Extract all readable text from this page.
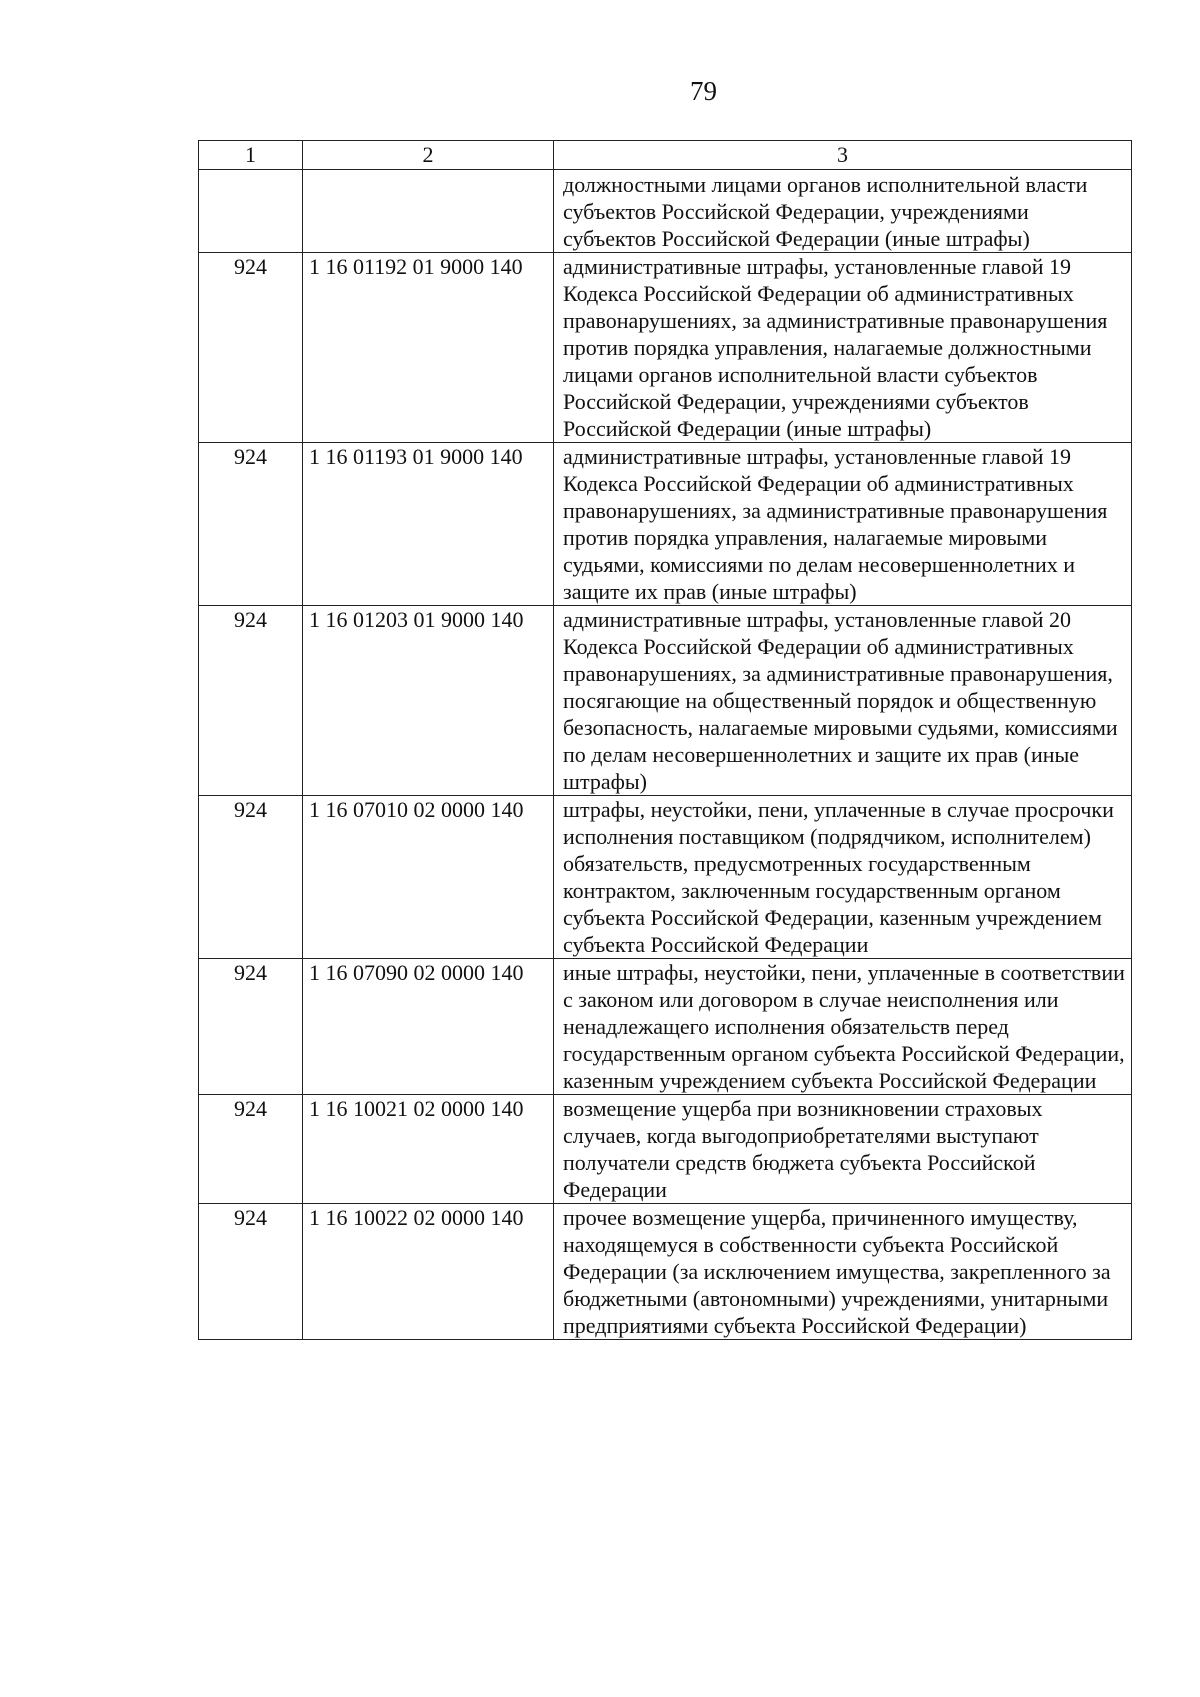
79
1	2	3
		должностными лицами органов исполнительной власти субъектов Российской Федерации, учреждениями субъектов Российской Федерации (иные штрафы)
924	1 16 01192 01 9000 140	административные штрафы, установленные главой 19 Кодекса Российской Федерации об административных правонарушениях, за административные правонарушения против порядка управления, налагаемые должностными лицами органов исполнительной власти субъектов Российской Федерации, учреждениями субъектов Российской Федерации (иные штрафы)
924	1 16 01193 01 9000 140	административные штрафы, установленные главой 19 Кодекса Российской Федерации об административных правонарушениях, за административные правонарушения против порядка управления, налагаемые мировыми судьями, комиссиями по делам несовершеннолетних и защите их прав (иные штрафы)
924	1 16 01203 01 9000 140	административные штрафы, установленные главой 20 Кодекса Российской Федерации об административных правонарушениях, за административные правонарушения, посягающие на общественный порядок и общественную безопасность, налагаемые мировыми судьями, комиссиями по делам несовершеннолетних и защите их прав (иные штрафы)
924	1 16 07010 02 0000 140	штрафы, неустойки, пени, уплаченные в случае просрочки исполнения поставщиком (подрядчиком, исполнителем) обязательств, предусмотренных государственным контрактом, заключенным государственным органом субъекта Российской Федерации, казенным учреждением субъекта Российской Федерации
924	1 16 07090 02 0000 140	иные штрафы, неустойки, пени, уплаченные в соответствии с законом или договором в случае неисполнения или ненадлежащего исполнения обязательств перед государственным органом субъекта Российской Федерации, казенным учреждением субъекта Российской Федерации
924	1 16 10021 02 0000 140	возмещение ущерба при возникновении страховых случаев, когда выгодоприобретателями выступают получатели средств бюджета субъекта Российской Федерации
924	1 16 10022 02 0000 140	прочее возмещение ущерба, причиненного имуществу, находящемуся в собственности субъекта Российской Федерации (за исключением имущества, закрепленного за бюджетными (автономными) учреждениями, унитарными предприятиями субъекта Российской Федерации)
